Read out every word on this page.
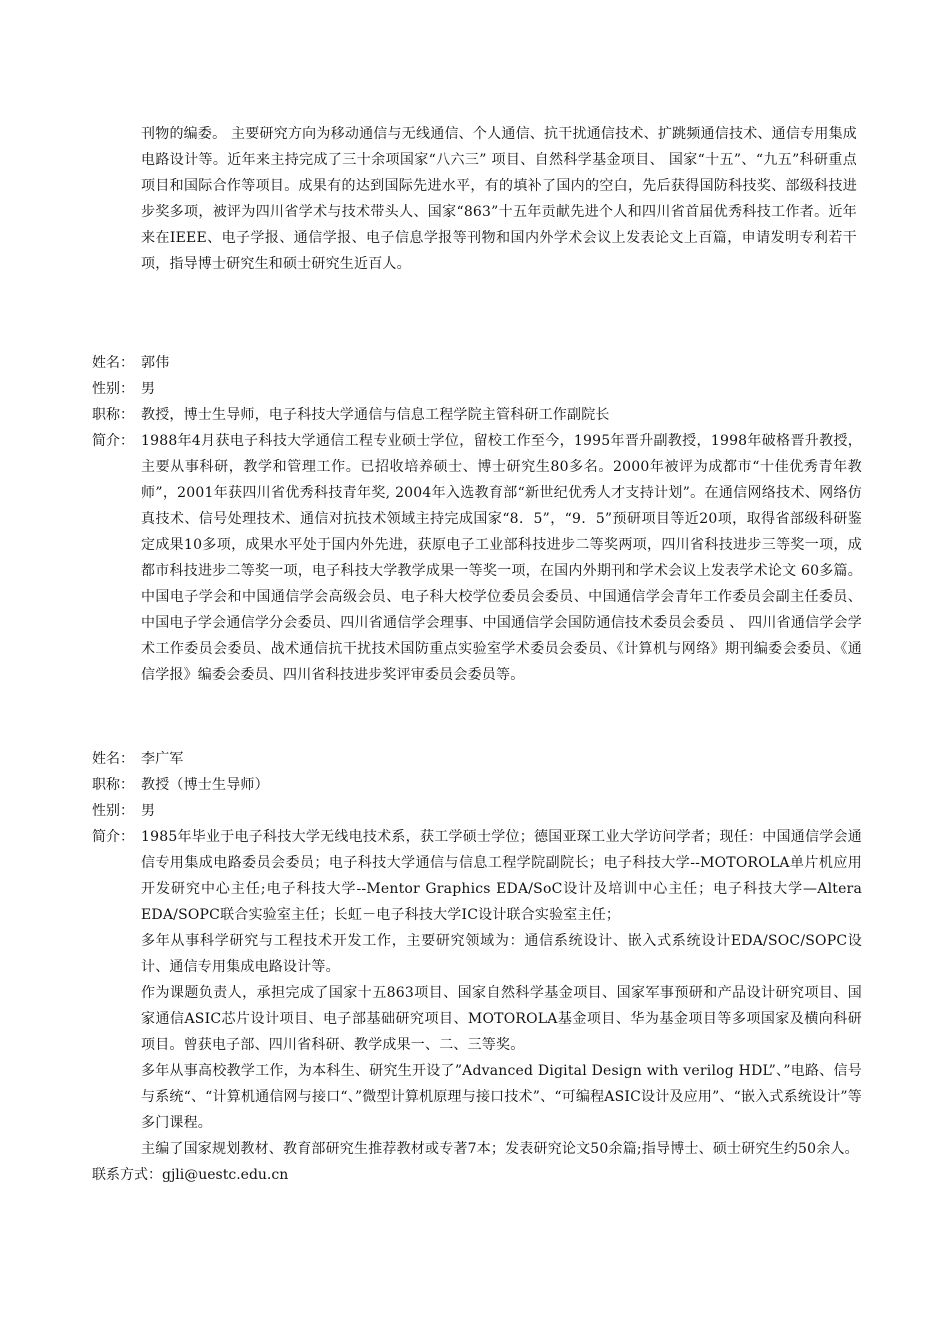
刊物的编委。 主要研究方向为移动通信与无线通信、个人通信、抗干扰通信技术、扩跳频通信技术、通信专用集成电路设计等。近年来主持完成了三十余项国家“八六三” 项目、自然科学基金项目、 国家“十五”、“九五”科研重点项目和国际合作等项目。成果有的达到国际先进水平，有的填补了国内的空白，先后获得国防科技奖、部级科技进步奖多项，被评为四川省学术与技术带头人、国家“863”十五年贡献先进个人和四川省首届优秀科技工作者。近年来在IEEE、电子学报、通信学报、电子信息学报等刊物和国内外学术会议上发表论文上百篇，申请发明专利若干项，指导博士研究生和硕士研究生近百人。

姓名： 郭伟
性别： 男
职称： 教授，博士生导师，电子科技大学通信与信息工程学院主管科研工作副院长
简介： 1988年4月获电子科技大学通信工程专业硕士学位，留校工作至今，1995年晋升副教授，1998年破格晋升教授，主要从事科研，教学和管理工作。已招收培养硕士、博士研究生80多名。2000年被评为成都市“十佳优秀青年教师”，2001年获四川省优秀科技青年奖, 2004年入选教育部“新世纪优秀人才支持计划”。在通信网络技术、网络仿真技术、信号处理技术、通信对抗技术领域主持完成国家“8．5”，“9．5”预研项目等近20项，取得省部级科研鉴定成果10多项，成果水平处于国内外先进，获原电子工业部科技进步二等奖两项，四川省科技进步三等奖一项，成都市科技进步二等奖一项，电子科技大学教学成果一等奖一项，在国内外期刊和学术会议上发表学术论文 60多篇。中国电子学会和中国通信学会高级会员、电子科大校学位委员会委员、中国通信学会青年工作委员会副主任委员、中国电子学会通信学分会委员、四川省通信学会理事、中国通信学会国防通信技术委员会委员 、 四川省通信学会学术工作委员会委员、战术通信抗干扰技术国防重点实验室学术委员会委员、《计算机与网络》期刊编委会委员、《通信学报》编委会委员、四川省科技进步奖评审委员会委员等。
姓名： 李广军
职称： 教授（博士生导师）
性别： 男
简介： 1985年毕业于电子科技大学无线电技术系，获工学硕士学位；德国亚琛工业大学访问学者；现任：中国通信学会通信专用集成电路委员会委员；电子科技大学通信与信息工程学院副院长；电子科技大学--MOTOROLA单片机应用开发研究中心主任;电子科技大学--Mentor Graphics EDA/SoC设计及培训中心主任；电子科技大学—Altera　EDA/SOPC联合实验室主任；长虹－电子科技大学IC设计联合实验室主任；

多年从事科学研究与工程技术开发工作，主要研究领域为：通信系统设计、嵌入式系统设计EDA/SOC/SOPC设计、通信专用集成电路设计等。

作为课题负责人，承担完成了国家十五863项目、国家自然科学基金项目、国家军事预研和产品设计研究项目、国家通信ASIC芯片设计项目、电子部基础研究项目、MOTOROLA基金项目、华为基金项目等多项国家及横向科研项目。曾获电子部、四川省科研、教学成果一、二、三等奖。

多年从事高校教学工作，为本科生、研究生开设了”Advanced Digital Design with verilog HDL”、”电路、信号与系统“、“计算机通信网与接口“、”微型计算机原理与接口技术”、“可编程ASIC设计及应用”、“嵌入式系统设计”等多门课程。

主编了国家规划教材、教育部研究生推荐教材或专著7本；发表研究论文50余篇;指导博士、硕士研究生约50余人。

联系方式：gjli@uestc.edu.cn
